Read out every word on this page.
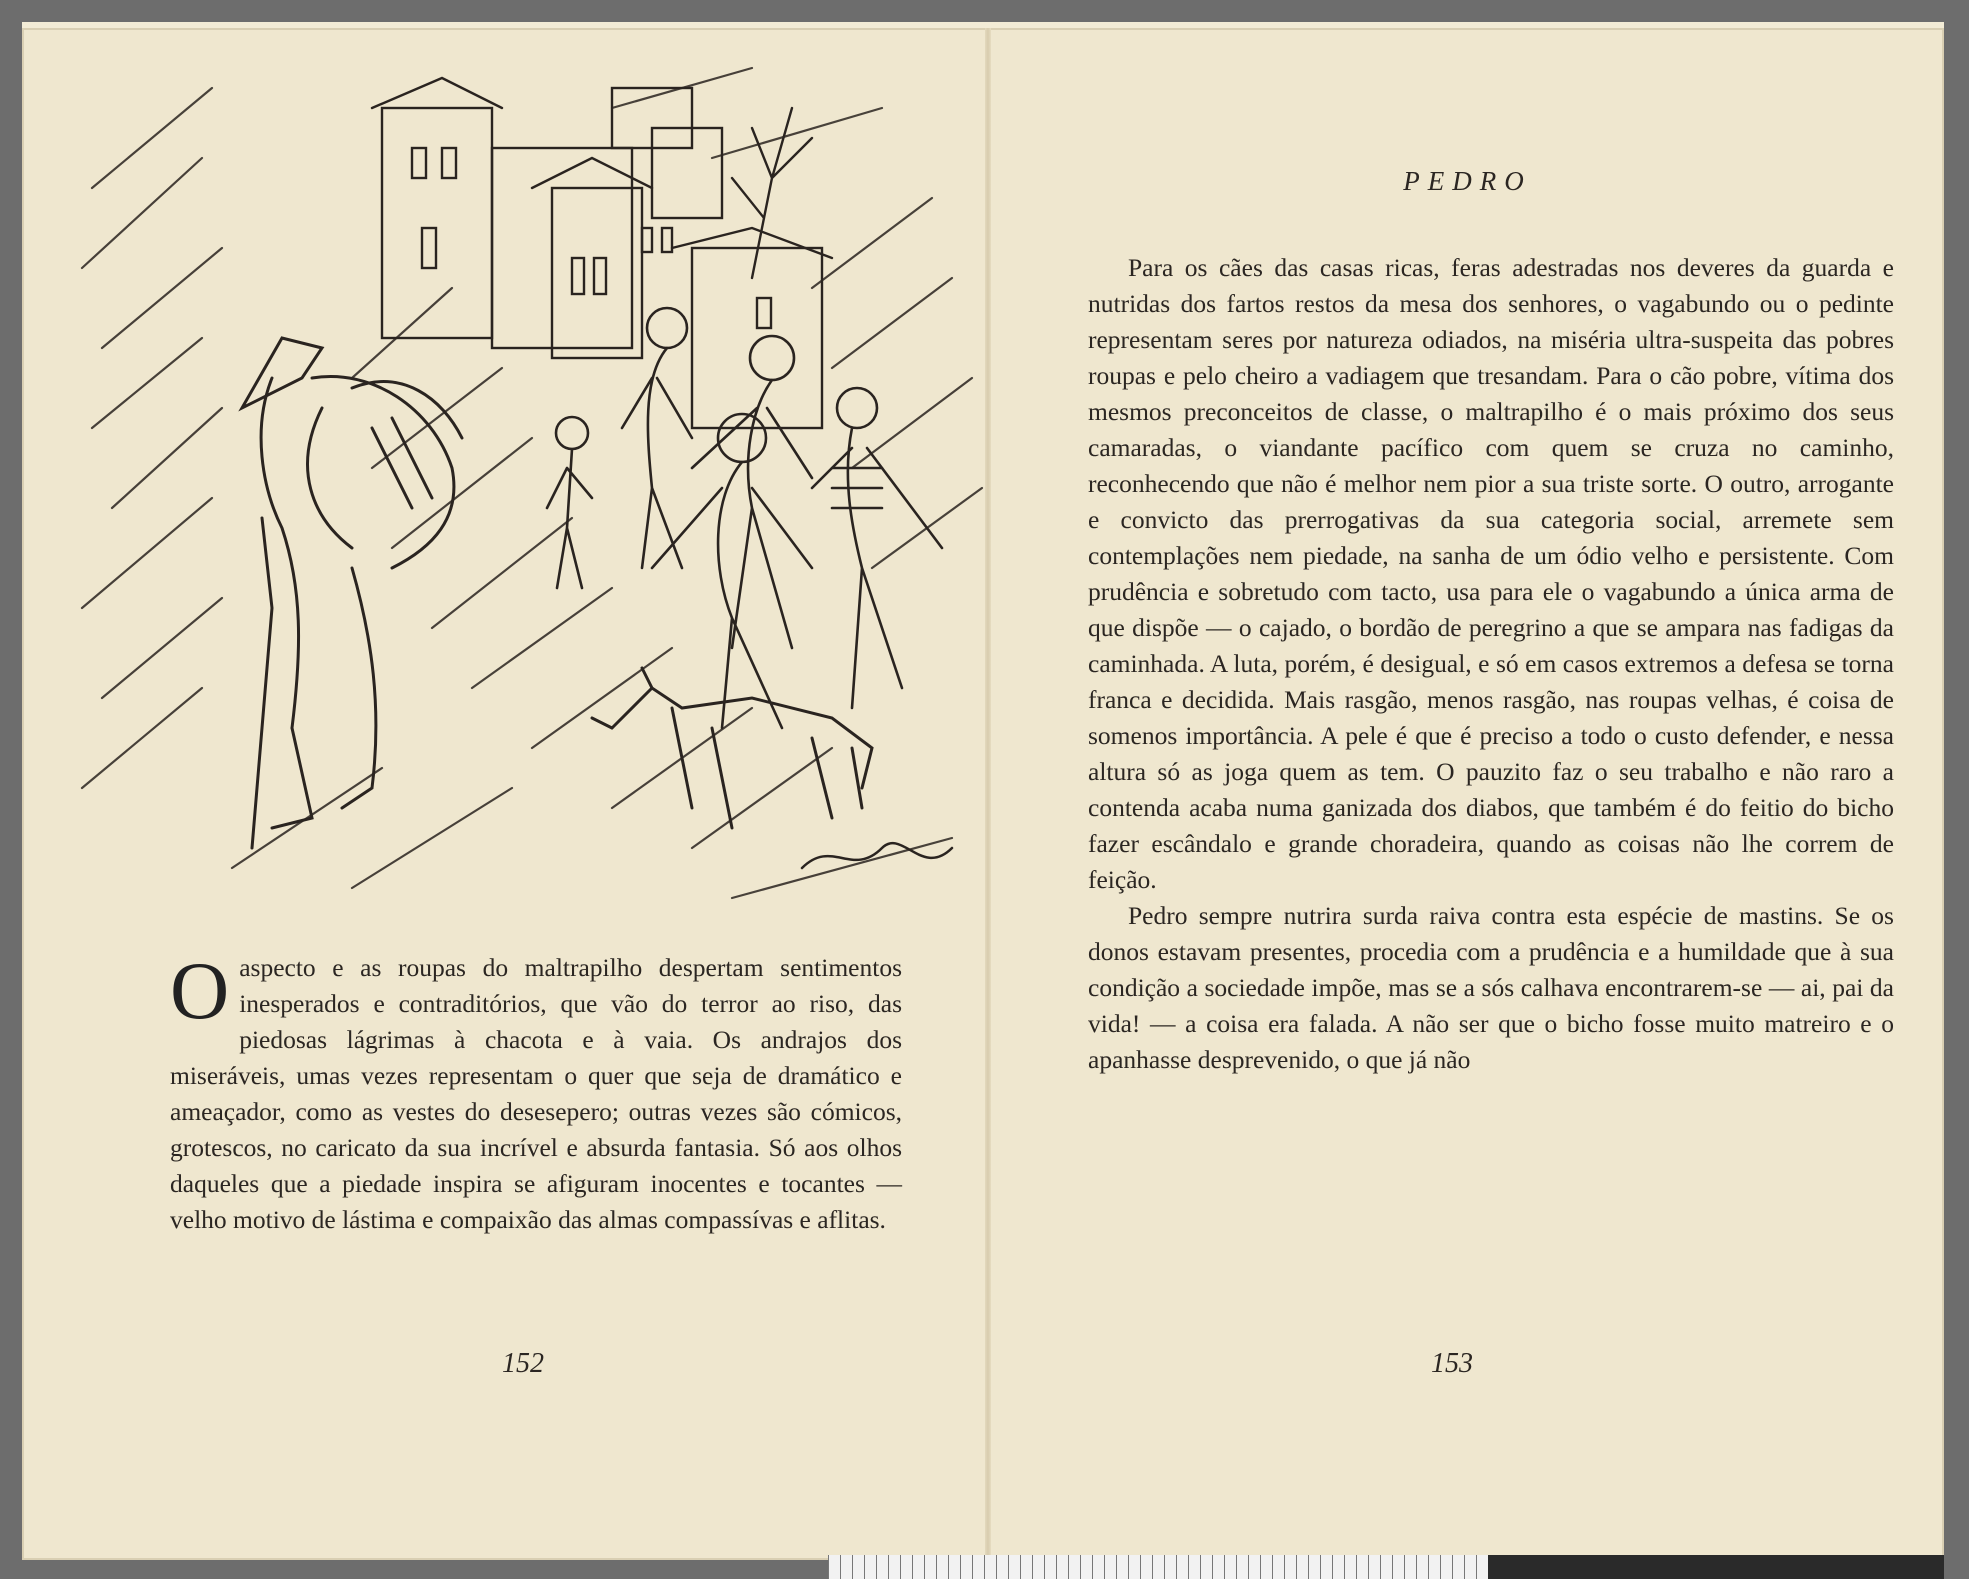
Oaspecto e as roupas do maltrapilho despertam sentimentos inesperados e contraditórios, que vão do terror ao riso, das piedosas lágrimas à chacota e à vaia. Os andrajos dos miseráveis, umas vezes representam o quer que seja de dramático e ameaçador, como as vestes do desesepero; outras vezes são cómicos, grotescos, no caricato da sua incrível e absurda fantasia. Só aos olhos daqueles que a piedade inspira se afiguram inocentes e tocantes — velho motivo de lástima e compaixão das almas compassívas e aflitas.

152
PEDRO

Para os cães das casas ricas, feras adestradas nos deveres da guarda e nutridas dos fartos restos da mesa dos senhores, o vagabundo ou o pedinte representam seres por natureza odiados, na miséria ultra-suspeita das pobres roupas e pelo cheiro a vadiagem que tresandam. Para o cão pobre, vítima dos mesmos preconceitos de classe, o maltrapilho é o mais próximo dos seus camaradas, o viandante pacífico com quem se cruza no caminho, reconhecendo que não é melhor nem pior a sua triste sorte. O outro, arrogante e convicto das prerrogativas da sua categoria social, arremete sem contemplações nem piedade, na sanha de um ódio velho e persistente. Com prudência e sobretudo com tacto, usa para ele o vagabundo a única arma de que dispõe — o cajado, o bordão de peregrino a que se ampara nas fadigas da caminhada. A luta, porém, é desigual, e só em casos extremos a defesa se torna franca e decidida. Mais rasgão, menos rasgão, nas roupas velhas, é coisa de somenos importância. A pele é que é preciso a todo o custo defender, e nessa altura só as joga quem as tem. O pauzito faz o seu trabalho e não raro a contenda acaba numa ganizada dos diabos, que também é do feitio do bicho fazer escândalo e grande choradeira, quando as coisas não lhe correm de feição.

Pedro sempre nutrira surda raiva contra esta espécie de mastins. Se os donos estavam presentes, procedia com a prudência e a humildade que à sua condição a sociedade impõe, mas se a sós calhava encontrarem-se — ai, pai da vida! — a coisa era falada. A não ser que o bicho fosse muito matreiro e o apanhasse desprevenido, o que já não

153
